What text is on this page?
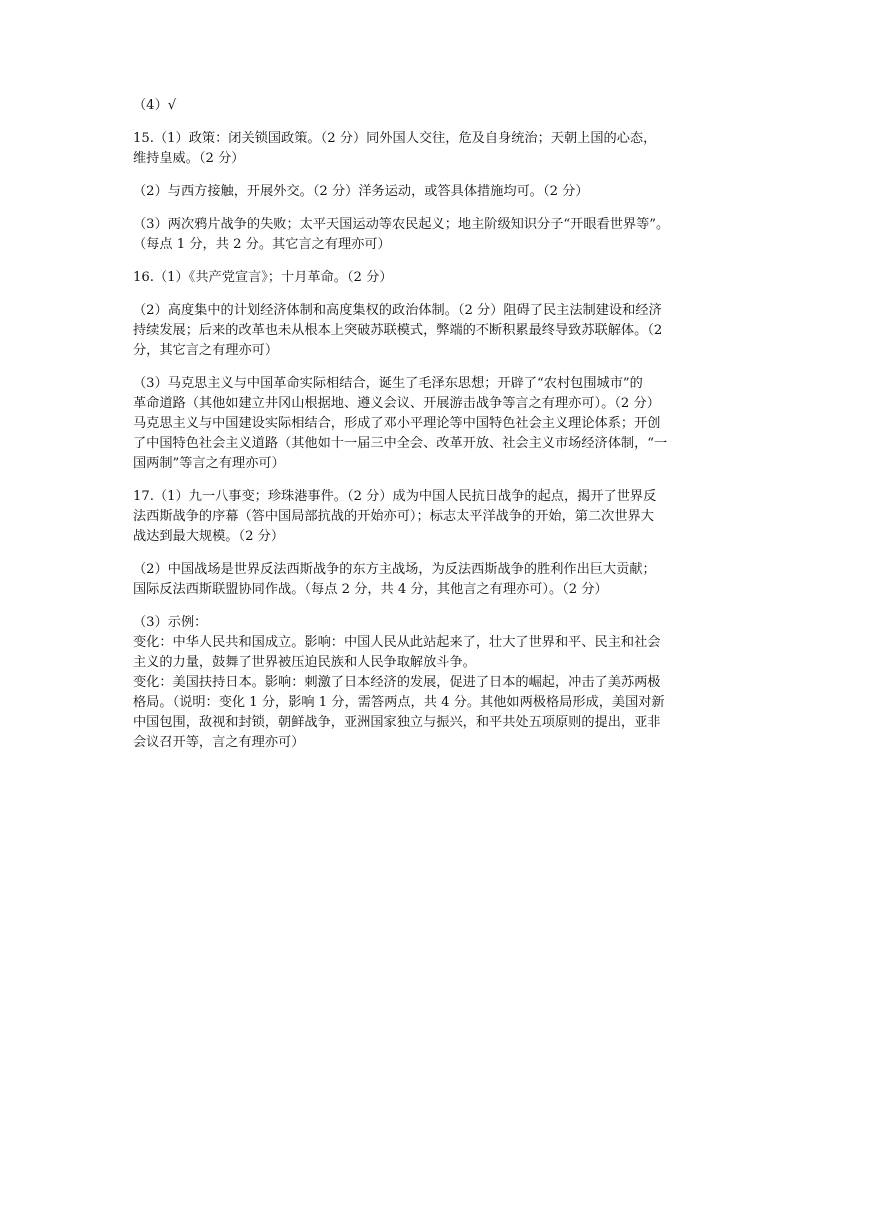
（4）√

15.（1）政策：闭关锁国政策。（2 分）同外国人交往，危及自身统治；天朝上国的心态，
维持皇威。（2 分）

（2）与西方接触，开展外交。（2 分）洋务运动，或答具体措施均可。（2 分）

（3）两次鸦片战争的失败；太平天国运动等农民起义；地主阶级知识分子“开眼看世界等”。
（每点 1 分，共 2 分。其它言之有理亦可）

16.（1）《共产党宣言》；十月革命。（2 分）

（2）高度集中的计划经济体制和高度集权的政治体制。（2 分）阻碍了民主法制建设和经济
持续发展；后来的改革也未从根本上突破苏联模式，弊端的不断积累最终导致苏联解体。（2
分，其它言之有理亦可）

（3）马克思主义与中国革命实际相结合，诞生了毛泽东思想；开辟了“农村包围城市”的
革命道路（其他如建立井冈山根据地、遵义会议、开展游击战争等言之有理亦可）。（2 分）
马克思主义与中国建设实际相结合，形成了邓小平理论等中国特色社会主义理论体系；开创
了中国特色社会主义道路（其他如十一届三中全会、改革开放、社会主义市场经济体制，“一
国两制”等言之有理亦可）

17.（1）九一八事变；珍珠港事件。（2 分）成为中国人民抗日战争的起点，揭开了世界反
法西斯战争的序幕（答中国局部抗战的开始亦可）；标志太平洋战争的开始，第二次世界大
战达到最大规模。（2 分）

（2）中国战场是世界反法西斯战争的东方主战场，为反法西斯战争的胜利作出巨大贡献；
国际反法西斯联盟协同作战。（每点 2 分，共 4 分，其他言之有理亦可）。（2 分）

（3）示例：
变化：中华人民共和国成立。影响：中国人民从此站起来了，壮大了世界和平、民主和社会
主义的力量，鼓舞了世界被压迫民族和人民争取解放斗争。
变化：美国扶持日本。影响：刺激了日本经济的发展，促进了日本的崛起，冲击了美苏两极
格局。（说明：变化 1 分，影响 1 分，需答两点，共 4 分。其他如两极格局形成，美国对新
中国包围，敌视和封锁，朝鲜战争，亚洲国家独立与振兴，和平共处五项原则的提出，亚非
会议召开等，言之有理亦可）
